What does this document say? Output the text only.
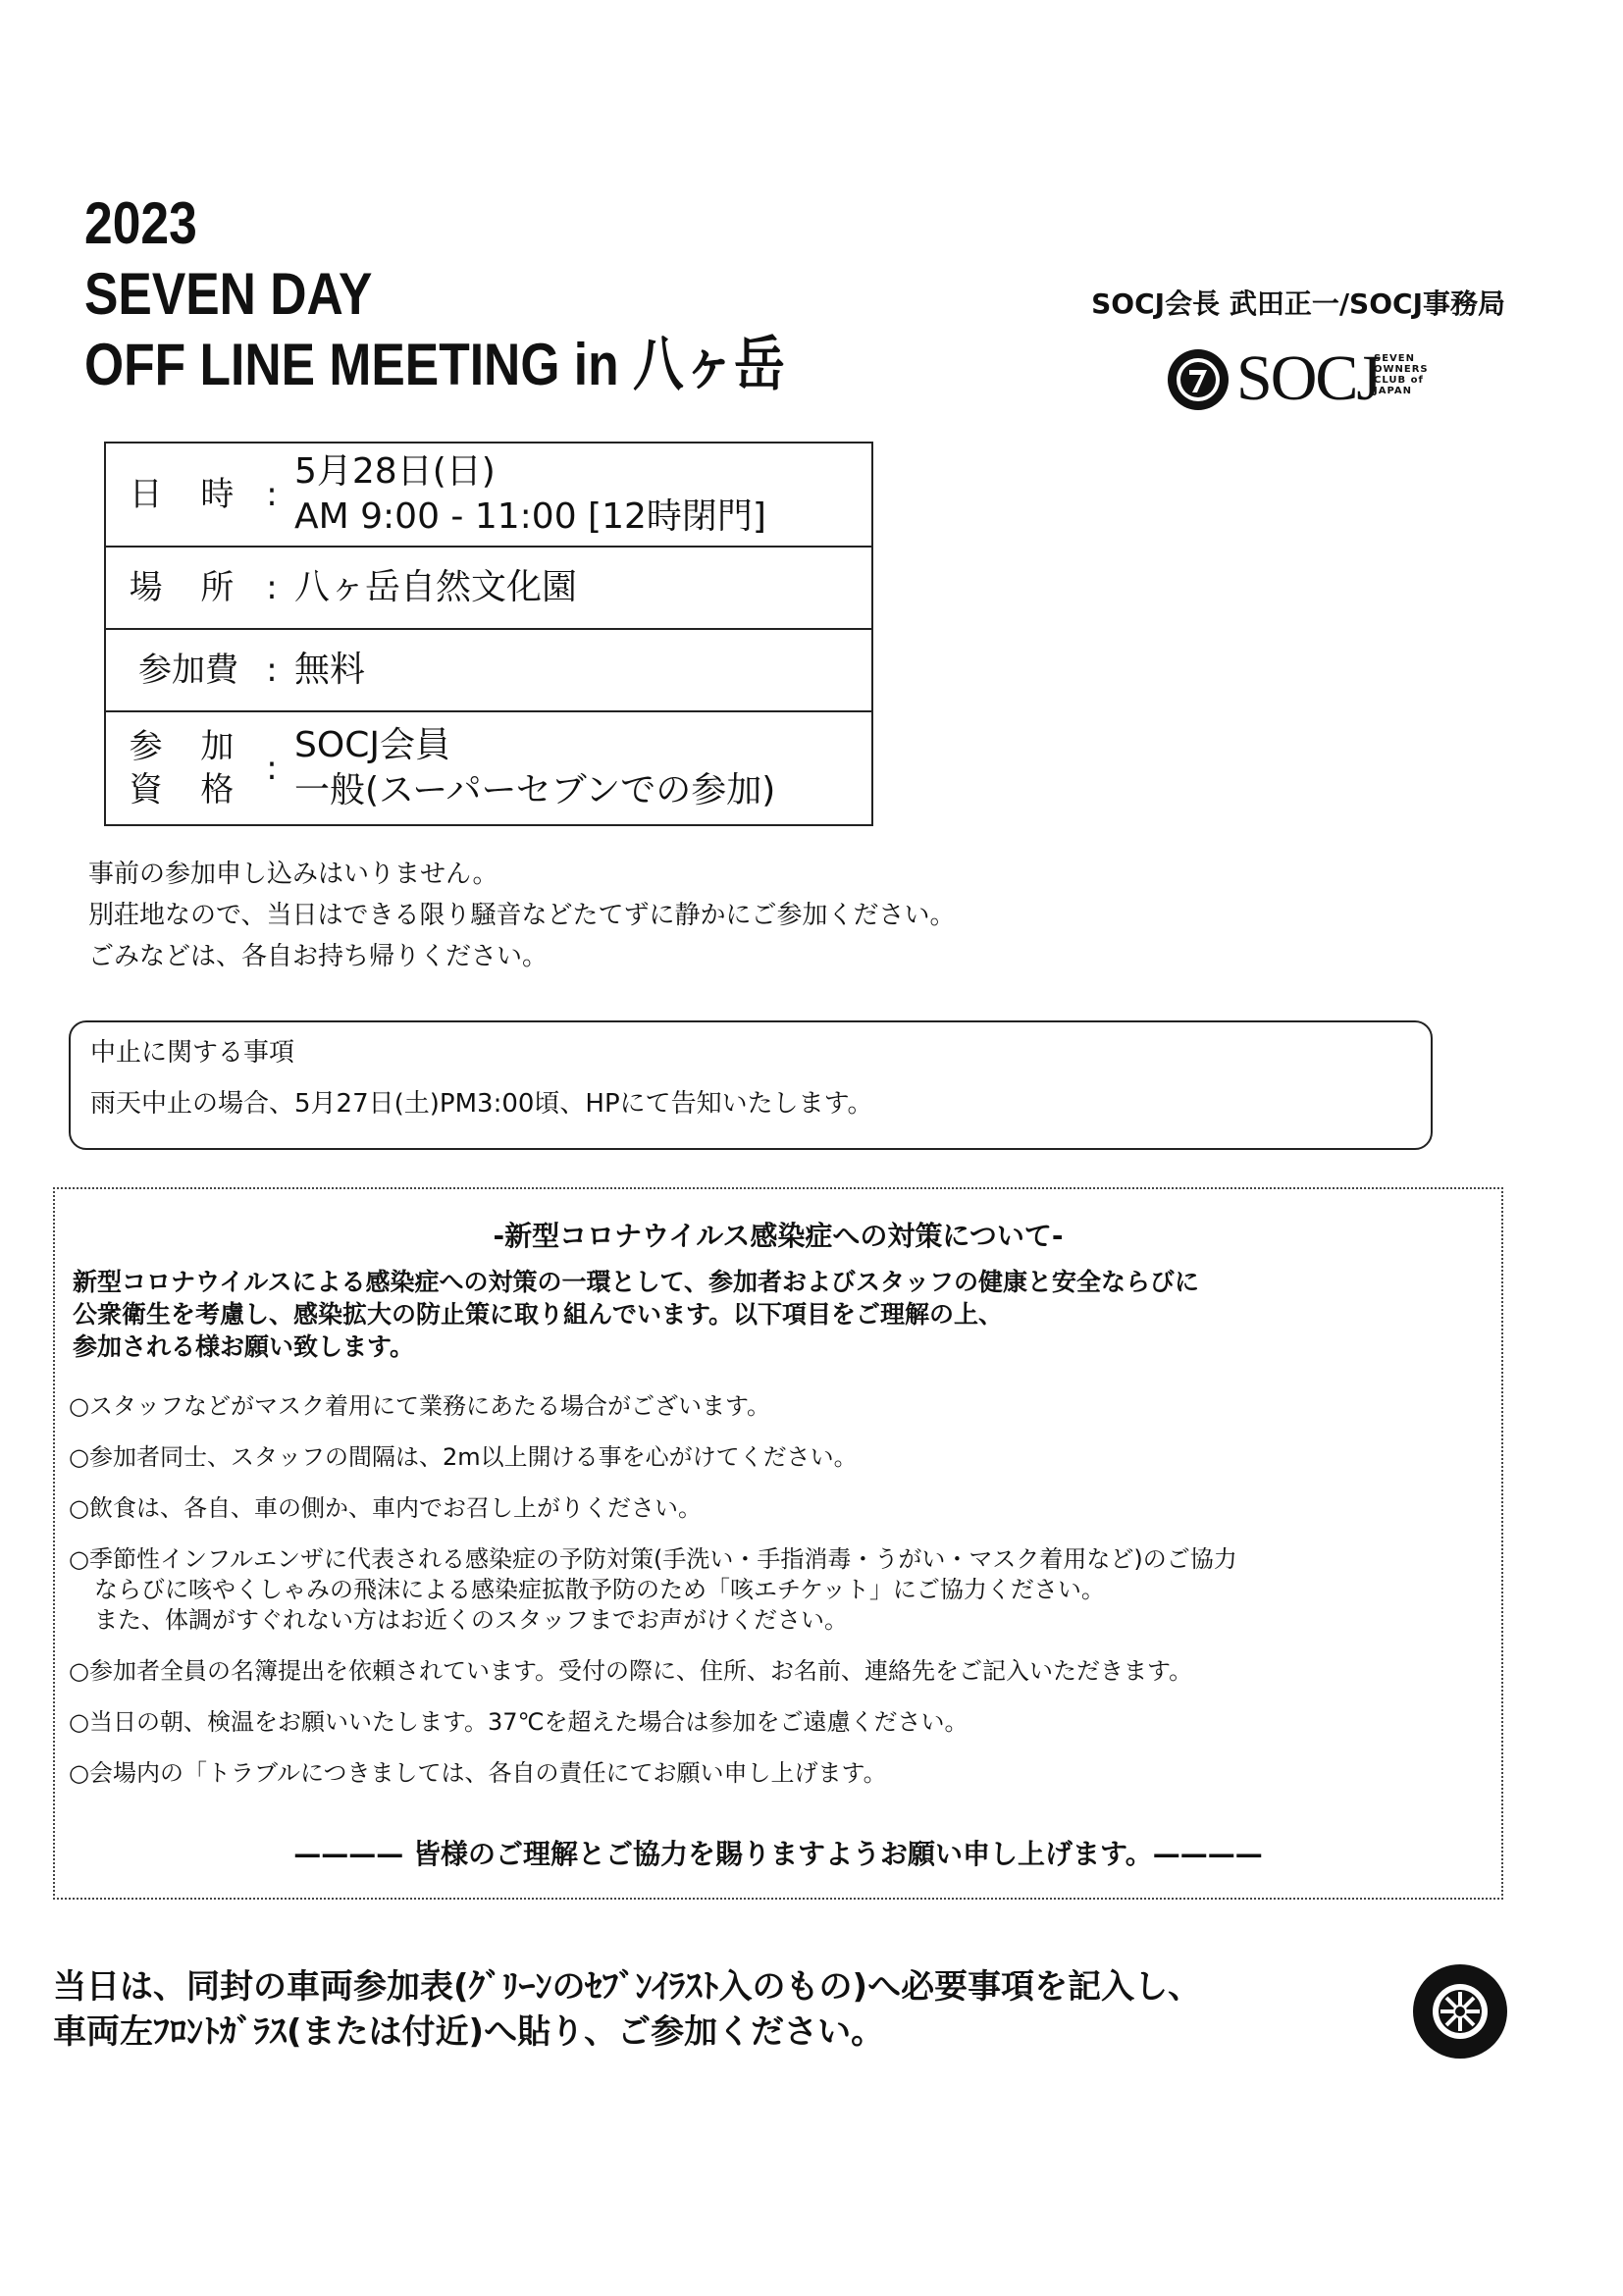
2023
SEVEN DAY
OFF LINE MEETING in 八ヶ岳
SOCJ会長 武田正一/SOCJ事務局
SOCJ
SEVEN
OWNERS
CLUB of
JAPAN
日 時 :
5月28日(日)
AM 9:00 - 11:00 [12時閉門]
場 所 : 八ヶ岳自然文化園
参加費 : 無料
参 加
資 格
:
SOCJ会員
一般(スーパーセブンでの参加)
事前の参加申し込みはいりません。
別荘地なので、当日はできる限り騒音などたてずに静かにご参加ください。
ごみなどは、各自お持ち帰りください。
中止に関する事項
雨天中止の場合、5月27日(土)PM3:00頃、HPにて告知いたします。
-新型コロナウイルス感染症への対策について-
新型コロナウイルスによる感染症への対策の一環として、参加者およびスタッフの健康と安全ならびに
公衆衛生を考慮し、感染拡大の防止策に取り組んでいます。以下項目をご理解の上、
参加される様お願い致します。
○スタッフなどがマスク着用にて業務にあたる場合がございます。
○参加者同士、スタッフの間隔は、2m以上開ける事を心がけてください。
○飲食は、各自、車の側か、車内でお召し上がりください。
○季節性インフルエンザに代表される感染症の予防対策(手洗い・手指消毒・うがい・マスク着用など)のご協力
ならびに咳やくしゃみの飛沫による感染症拡散予防のため「咳エチケット」にご協力ください。
また、体調がすぐれない方はお近くのスタッフまでお声がけください。
○参加者全員の名簿提出を依頼されています。受付の際に、住所、お名前、連絡先をご記入いただきます。
○当日の朝、検温をお願いいたします。37℃を超えた場合は参加をご遠慮ください。
○会場内の「トラブルにつきましては、各自の責任にてお願い申し上げます。
———— 皆様のご理解とご協力を賜りますようお願い申し上げます。————
当日は、同封の車両参加表(ｸﾞﾘｰﾝのｾﾌﾞﾝｲﾗｽﾄ入のもの)へ必要事項を記入し、
車両左ﾌﾛﾝﾄｶﾞﾗｽ(または付近)へ貼り、ご参加ください。
